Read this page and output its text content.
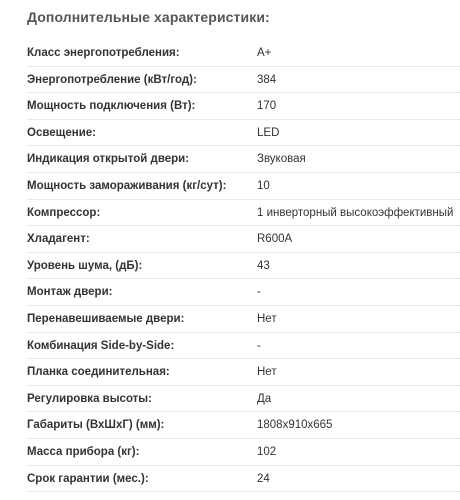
Дополнительные характеристики:
Класс энергопотребления:	A+
Энергопотребление (кВт/год):	384
Мощность подключения (Вт):	170
Освещение:	LED
Индикация открытой двери:	Звуковая
Мощность замораживания (кг/сут):	10
Компрессор:	1 инверторный высокоэффективный
Хладагент:	R600A
Уровень шума, (дБ):	43
Монтаж двери:	-
Перенавешиваемые двери:	Нет
Комбинация Side-by-Side:	-
Планка соединительная:	Нет
Регулировка высоты:	Да
Габариты (ВхШхГ) (мм):	1808x910x665
Масса прибора (кг):	102
Срок гарантии (мес.):	24
